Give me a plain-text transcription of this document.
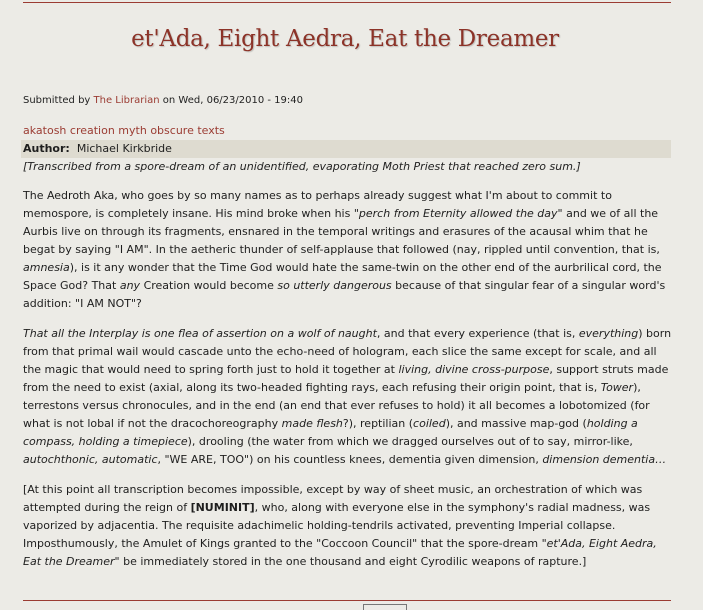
et'Ada, Eight Aedra, Eat the Dreamer
Submitted by The Librarian on Wed, 06/23/2010 - 19:40
akatosh creation myth obscure texts
Author: Michael Kirkbride
[Transcribed from a spore-dream of an unidentified, evaporating Moth Priest that reached zero sum.]

The Aedroth Aka, who goes by so many names as to perhaps already suggest what I'm about to commit to memospore, is completely insane. His mind broke when his "perch from Eternity allowed the day" and we of all the Aurbis live on through its fragments, ensnared in the temporal writings and erasures of the acausal whim that he begat by saying "I AM". In the aetheric thunder of self-applause that followed (nay, rippled until convention, that is, amnesia), is it any wonder that the Time God would hate the same-twin on the other end of the aurbrilical cord, the Space God? That any Creation would become so utterly dangerous because of that singular fear of a singular word's addition: "I AM NOT"?

That all the Interplay is one flea of assertion on a wolf of naught, and that every experience (that is, everything) born from that primal wail would cascade unto the echo-need of hologram, each slice the same except for scale, and all the magic that would need to spring forth just to hold it together at living, divine cross-purpose, support struts made from the need to exist (axial, along its two-headed fighting rays, each refusing their origin point, that is, Tower), terrestons versus chronocules, and in the end (an end that ever refuses to hold) it all becomes a lobotomized (for what is not lobal if not the dracochoreography made flesh?), reptilian (coiled), and massive map-god (holding a compass, holding a timepiece), drooling (the water from which we dragged ourselves out of to say, mirror-like, autochthonic, automatic, "WE ARE, TOO") on his countless knees, dementia given dimension, dimension dementia…

[At this point all transcription becomes impossible, except by way of sheet music, an orchestration of which was attempted during the reign of [NUMINIT], who, along with everyone else in the symphony's radial madness, was vaporized by adjacentia. The requisite adachimelic holding-tendrils activated, preventing Imperial collapse. Imposthumously, the Amulet of Kings granted to the "Coccoon Council" that the spore-dream "et'Ada, Eight Aedra, Eat the Dreamer" be immediately stored in the one thousand and eight Cyrodilic weapons of rapture.]
